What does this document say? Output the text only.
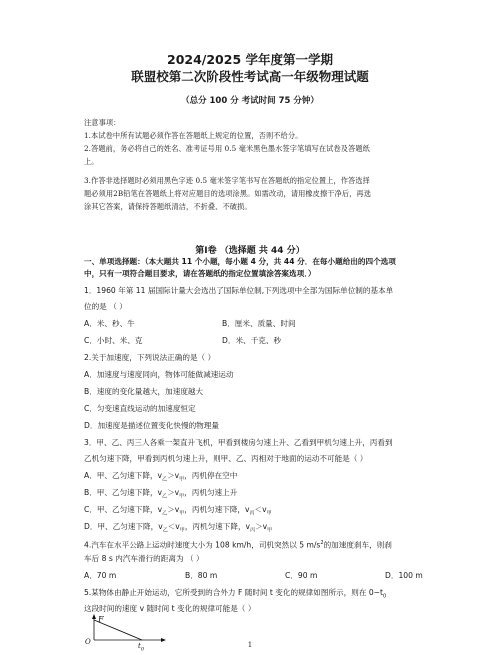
2024/2025 学年度第一学期
联盟校第二次阶段性考试高一年级物理试题
（总分 100 分 考试时间 75 分钟）
注意事项：
1.本试卷中所有试题必须作答在答题纸上规定的位置，否则不给分。
2.答题前，务必将自己的姓名、准考证号用 0.5 毫米黑色墨水签字笔填写在试卷及答题纸
上。
3.作答非选择题时必须用黑色字迹 0.5 毫米签字笔书写在答题纸的指定位置上，作答选择
题必须用2B铅笔在答题纸上将对应题目的选项涂黑。如需改动，请用橡皮擦干净后，再选
涂其它答案，请保持答题纸清洁，不折叠、不破损。
第Ⅰ卷 （选择题 共 44 分）
一、单项选择题：（本大题共 11 个小题，每小题 4 分，共 44 分．在每小题给出的四个选项
中，只有一项符合题目要求，请在答题纸的指定位置填涂答案选项．）
1．1960 年第 11 届国际计量大会选出了国际单位制,下列选项中全部为国际单位制的基本单
位的是 （ ）
A．米、秒、牛	B．厘米、质量、时间
C．小时、米、克	D．米、千克、秒
2.关于加速度，下列说法正确的是（ ）
A．加速度与速度同向，物体可能做减速运动
B．速度的变化量越大，加速度越大
C．匀变速直线运动的加速度恒定
D．加速度是描述位置变化快慢的物理量
3．甲、乙、丙三人各乘一架直升飞机，甲看到楼房匀速上升、乙看到甲机匀速上升，丙看到
乙机匀速下降，甲看到丙机匀速上升，则甲、乙、丙相对于地面的运动不可能是（ ）
A．甲、乙匀速下降，$v_乙>v_甲$，丙机停在空中
B．甲、乙匀速下降，$v_乙>v_甲$，丙机匀速上升
C．甲、乙匀速下降，$v_乙>v_甲$，丙机匀速下降，$v_丙<v_甲$
D．甲、乙匀速下降，$v_乙<v_甲$，丙机匀速下降，$v_丙>v_甲$
4.汽车在水平公路上运动时速度大小为 108 km/h，司机突然以 5 $m/s^2$的加速度刹车，则刹
车后 8 s 内汽车滑行的距离为 （ ）
A．70 m	B．80 m	C．90 m	D．100 m
5.某物体由静止开始运动，它所受到的合外力 F 随时间 t 变化的规律如图所示，则在 $0\sim t_0$
这段时间的速度 v 随时间 t 变化的规律可能是（ ）
F
O	$t_0$
1
